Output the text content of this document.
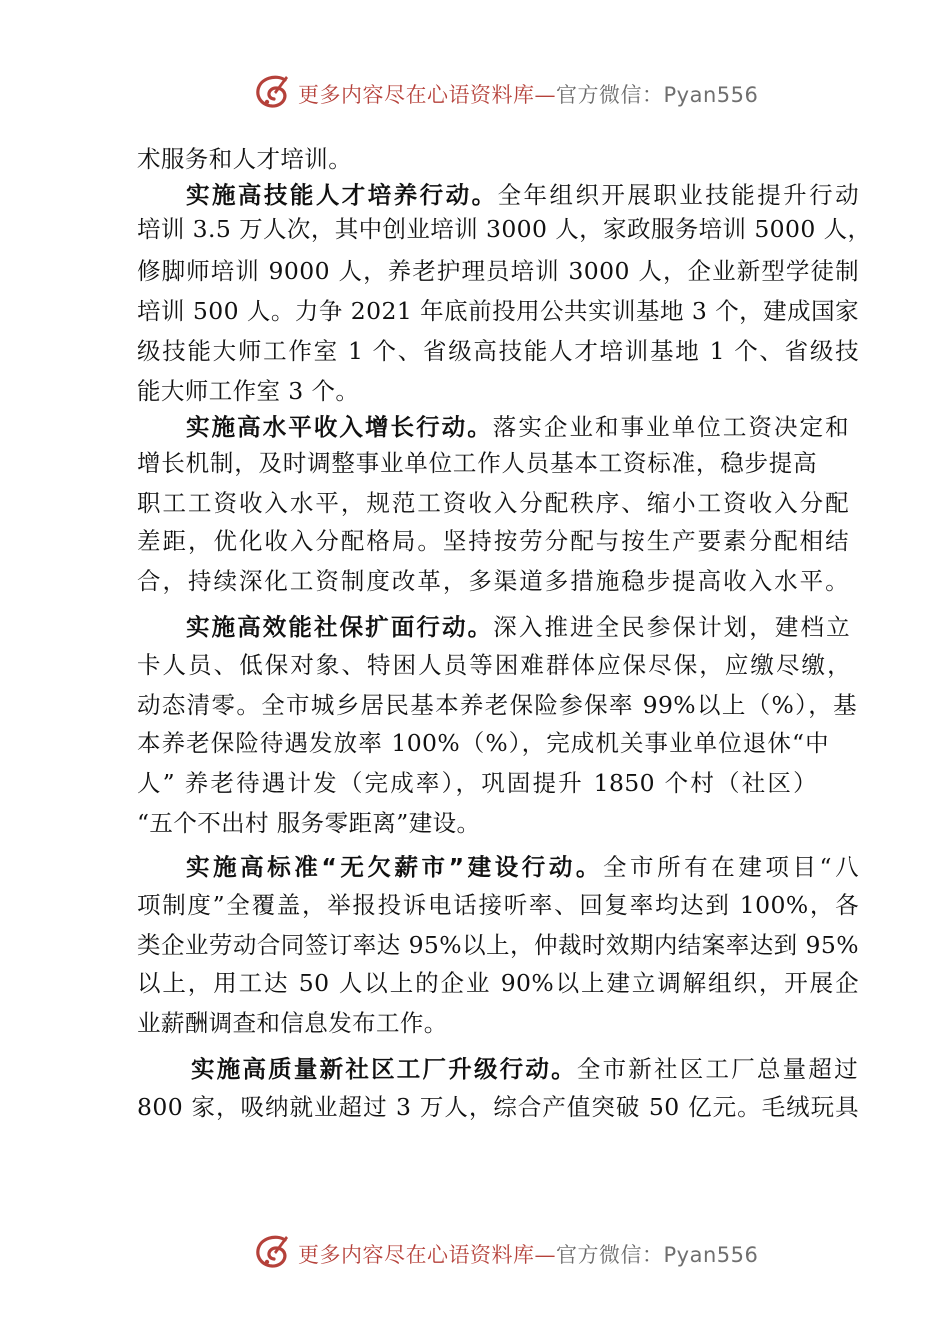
更多内容尽在心语资料库—官方微信：Pyan556
术服务和人才培训。
实施高技能人才培养行动。全年组织开展职业技能提升行动
培训 3.5 万人次，其中创业培训 3000 人，家政服务培训 5000 人，
修脚师培训 9000 人，养老护理员培训 3000 人，企业新型学徒制
培训 500 人。力争 2021 年底前投用公共实训基地 3 个，建成国家
级技能大师工作室 1 个、省级高技能人才培训基地 1 个、省级技
能大师工作室 3 个。
实施高水平收入增长行动。落实企业和事业单位工资决定和
增长机制，及时调整事业单位工作人员基本工资标准，稳步提高
职工工资收入水平，规范工资收入分配秩序、缩小工资收入分配
差距，优化收入分配格局。坚持按劳分配与按生产要素分配相结
合，持续深化工资制度改革，多渠道多措施稳步提高收入水平。
实施高效能社保扩面行动。深入推进全民参保计划，建档立
卡人员、低保对象、特困人员等困难群体应保尽保，应缴尽缴，
动态清零。全市城乡居民基本养老保险参保率 99%以上（%），基
本养老保险待遇发放率 100%（%），完成机关事业单位退休“中
人” 养老待遇计发（完成率），巩固提升 1850 个村（社区）
“五个不出村 服务零距离”建设。
实施高标准“无欠薪市”建设行动。全市所有在建项目“八
项制度”全覆盖，举报投诉电话接听率、回复率均达到 100%，各
类企业劳动合同签订率达 95%以上，仲裁时效期内结案率达到 95%
以上，用工达 50 人以上的企业 90%以上建立调解组织，开展企
业薪酬调查和信息发布工作。
实施高质量新社区工厂升级行动。全市新社区工厂总量超过
800 家，吸纳就业超过 3 万人，综合产值突破 50 亿元。毛绒玩具
更多内容尽在心语资料库—官方微信：Pyan556
